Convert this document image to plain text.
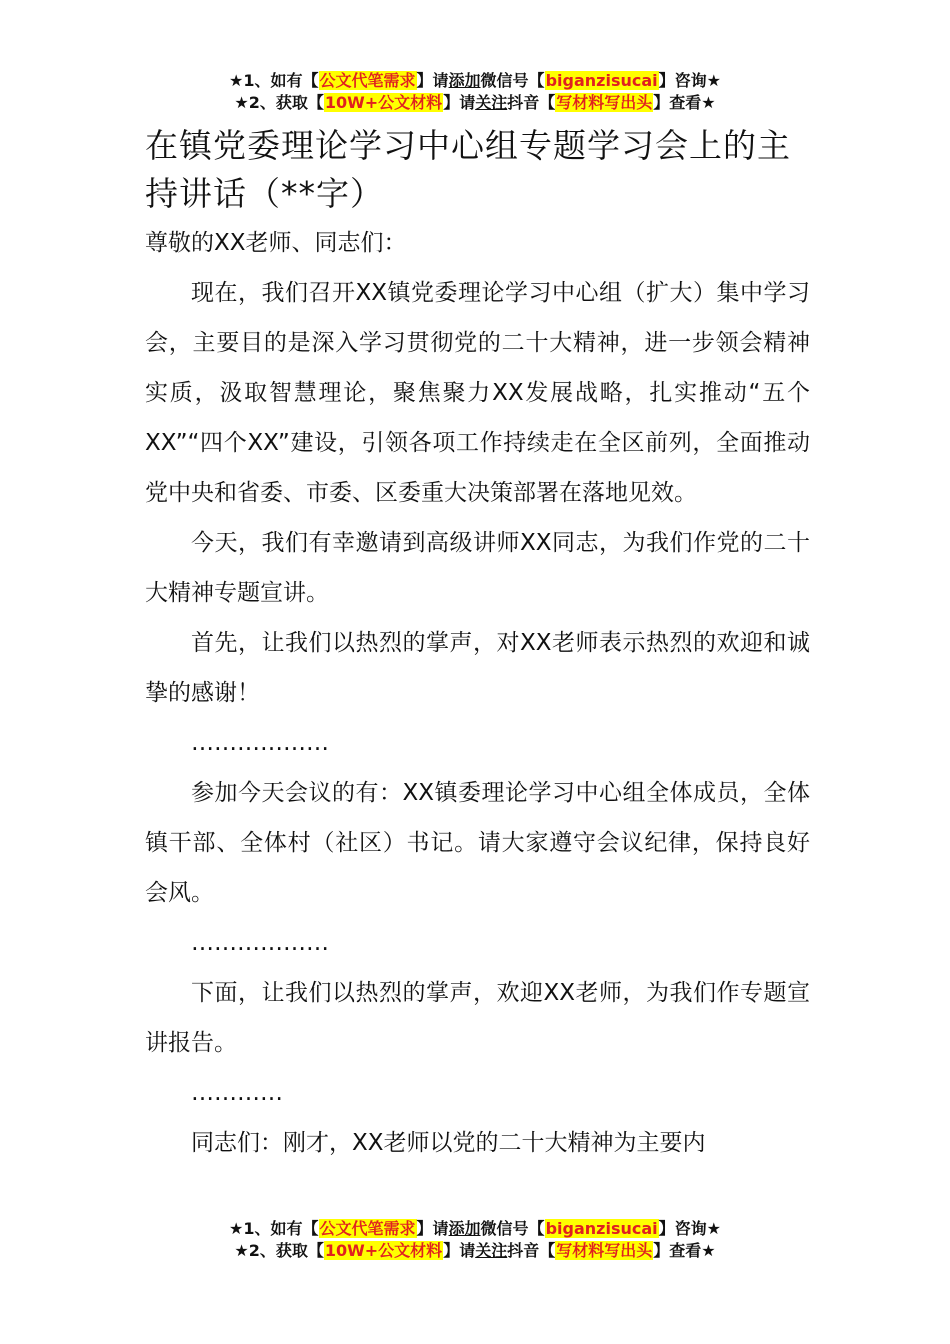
★1、如有【公文代笔需求】请添加微信号【biganzisucai】咨询★
★2、获取【10W+公文材料】请关注抖音【写材料写出头】查看★
在镇党委理论学习中心组专题学习会上的主持讲话（**字）

尊敬的XX老师、同志们：

现在，我们召开XX镇党委理论学习中心组（扩大）集中学习会，主要目的是深入学习贯彻党的二十大精神，进一步领会精神实质，汲取智慧理论，聚焦聚力XX发展战略，扎实推动“五个XX”“四个XX”建设，引领各项工作持续走在全区前列，全面推动党中央和省委、市委、区委重大决策部署在落地见效。

今天，我们有幸邀请到高级讲师XX同志，为我们作党的二十大精神专题宣讲。

首先，让我们以热烈的掌声，对XX老师表示热烈的欢迎和诚挚的感谢！

………………

参加今天会议的有：XX镇委理论学习中心组全体成员，全体镇干部、全体村（社区）书记。请大家遵守会议纪律，保持良好会风。

………………

下面，让我们以热烈的掌声，欢迎XX老师，为我们作专题宣讲报告。

…………

同志们：刚才，XX老师以党的二十大精神为主要内

★1、如有【公文代笔需求】请添加微信号【biganzisucai】咨询★
★2、获取【10W+公文材料】请关注抖音【写材料写出头】查看★
